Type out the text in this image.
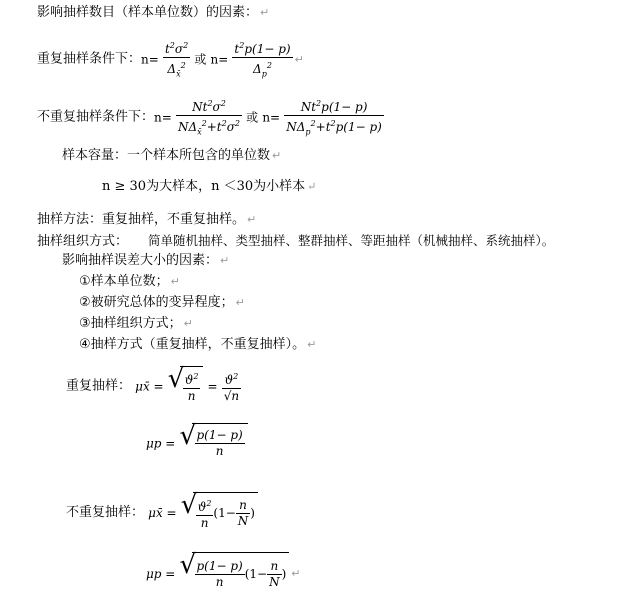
影响抽样数目（样本单位数）的因素： ↵
重复抽样条件下：$n= \frac{t^2\sigma^2}{\Delta_{x̄}^2}$ 或 $n= \frac{t^2p(1- p)}{\Delta_p^2}$ ↵
不重复抽样条件下：$n= \frac{Nt^2\sigma^2}{N\Delta_{x̄}^2+t^2\sigma^2}$ 或 $n= \frac{Nt^2p(1- p)}{N\Delta_p^2+t^2p(1- p)}$
样本容量：一个样本所包含的单位数 ↵
n ≥ 30为大样本，n ＜30为小样本 ↵
抽样方法：重复抽样，不重复抽样。 ↵
抽样组织方式： 简单随机抽样、类型抽样、整群抽样、等距抽样（机械抽样、系统抽样）。
影响抽样误差大小的因素： ↵
①样本单位数； ↵
②被研究总体的变异程度； ↵
③抽样组织方式； ↵
④抽样方式（重复抽样，不重复抽样）。 ↵
重复抽样： μx̄ = √
$\frac{ϑ^2}{n} = \frac{ϑ^2}{√n}$
μp = √
$\frac{p(1- p)}{n}$
不重复抽样： μx̄ = √
$\frac{ϑ^2}{n} (1- \frac{n}{N}$ )
μp = √
$\frac{p(1- p)}{n} (1- \frac{n}{N}$ ) ↵
